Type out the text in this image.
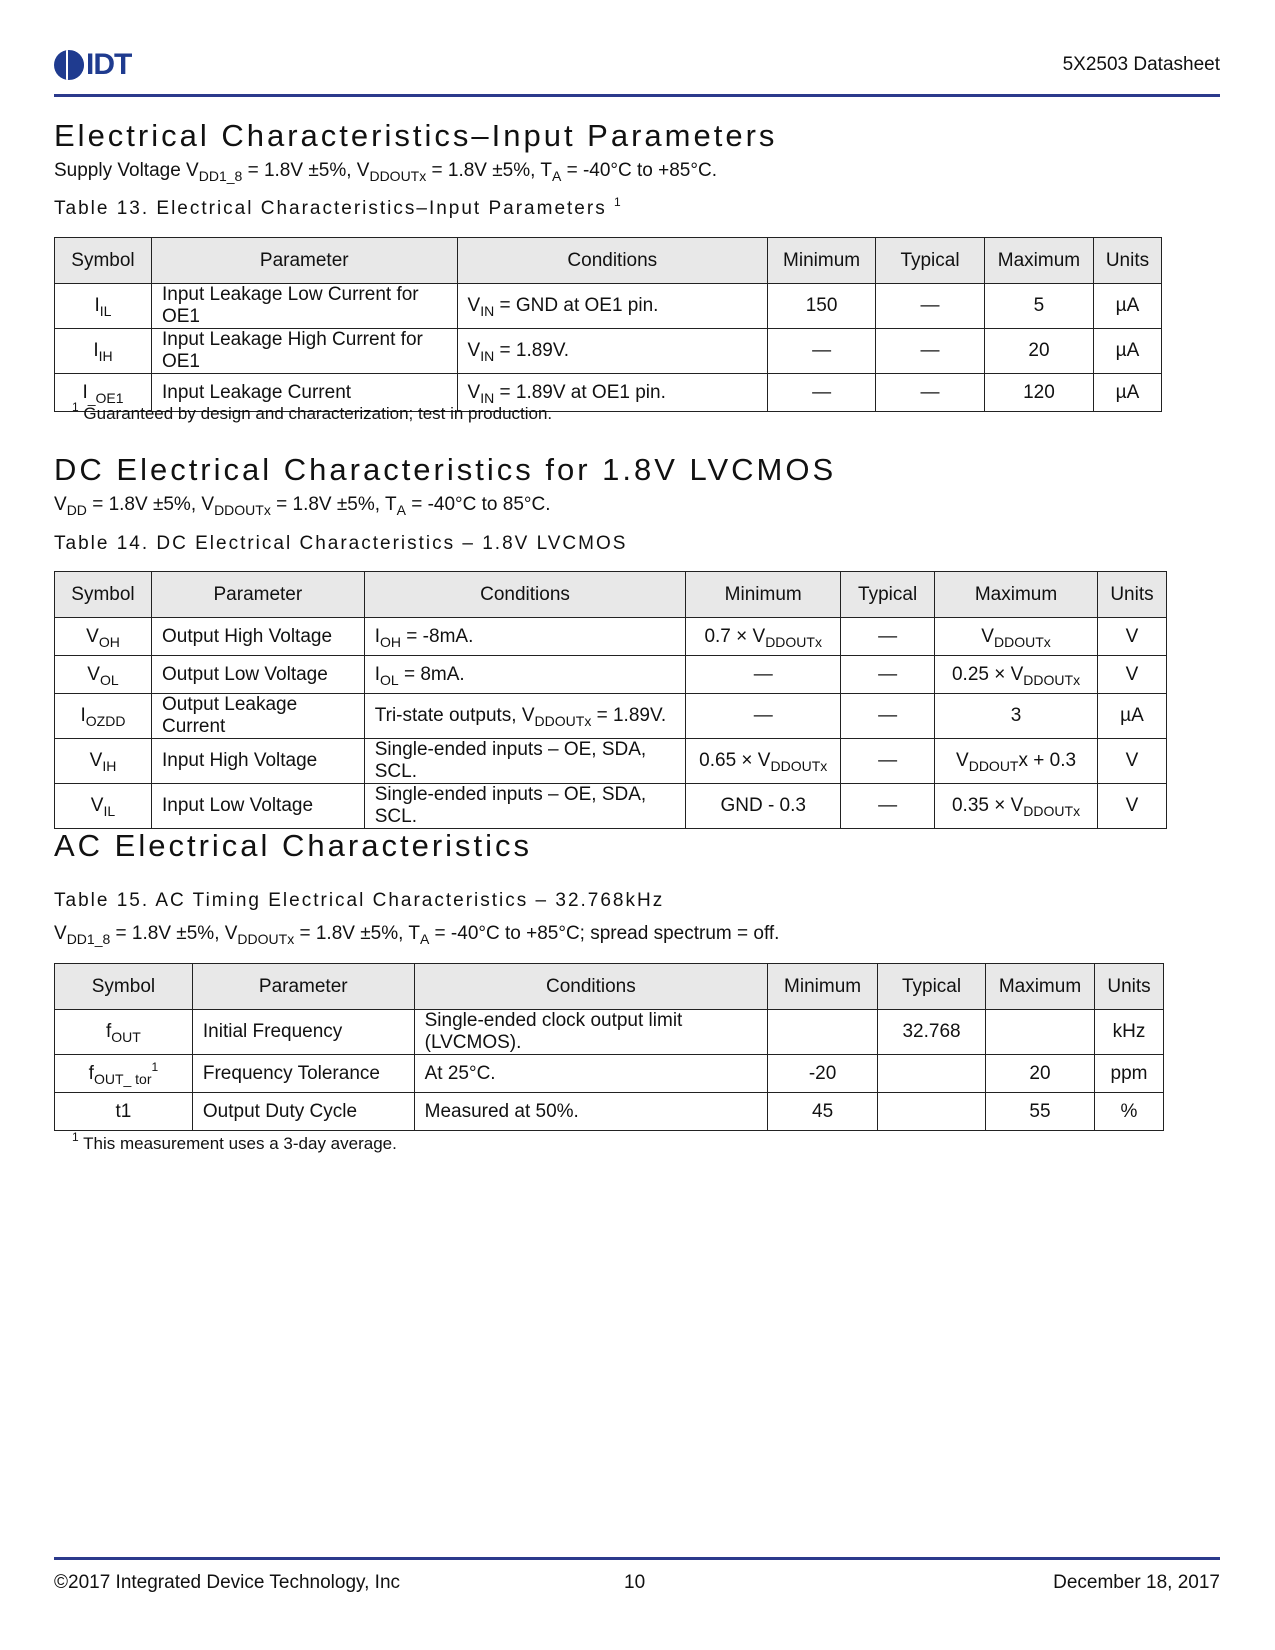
IDT	5X2503 Datasheet
Electrical Characteristics–Input Parameters
Supply Voltage $V_{DD1\_8} = 1.8V \pm 5\%$, $V_{DDOUTx} = 1.8V \pm 5\%$, $T_A = -40^\circ C$ to +85°C.
Table 13. Electrical Characteristics–Input Parameters $^1$
Symbol	Parameter	Conditions	Minimum	Typical	Maximum	Units
$I_{IL}$	Input Leakage Low Current for OE1	$V_{IN}$ = GND at OE1 pin.	150	—	5	µA
$I_{IH}$	Input Leakage High Current for OE1	$V_{IN} = 1.89V$.	—	—	20	µA
$I_{\_OE1}$	Input Leakage Current	$V_{IN} = 1.89V$ at OE1 pin.	—	—	120	µA
$^1$ Guaranteed by design and characterization; test in production.
DC Electrical Characteristics for 1.8V LVCMOS
$V_{DD} = 1.8V \pm 5\%$, $V_{DDOUTx} = 1.8V \pm 5\%$, $T_A = -40^\circ C$ to 85°C.
Table 14. DC Electrical Characteristics – 1.8V LVCMOS
Symbol	Parameter	Conditions	Minimum	Typical	Maximum	Units
$V_{OH}$	Output High Voltage	$I_{OH} = -8mA$.	$0.7 \times V_{DDOUTx}$	—	$V_{DDOUTx}$	V
$V_{OL}$	Output Low Voltage	$I_{OL} = 8mA$.	—	—	$0.25 \times V_{DDOUTx}$	V
$I_{OZDD}$	Output Leakage Current	Tri-state outputs, $V_{DDOUTx} = 1.89V$.	—	—	3	µA
$V_{IH}$	Input High Voltage	Single-ended inputs – OE, SDA, SCL.	$0.65 \times V_{DDOUTx}$	—	$V_{DDOUT}x + 0.3$	V
$V_{IL}$	Input Low Voltage	Single-ended inputs – OE, SDA, SCL.	GND - 0.3	—	$0.35 \times V_{DDOUTx}$	V
AC Electrical Characteristics
Table 15. AC Timing Electrical Characteristics – 32.768kHz
$V_{DD1\_8} = 1.8V \pm 5\%$, $V_{DDOUTx} = 1.8V \pm 5\%$, $T_A = -40^\circ C$ to +85°C; spread spectrum = off.
Symbol	Parameter	Conditions	Minimum	Typical	Maximum	Units
$f_{OUT}$	Initial Frequency	Single-ended clock output limit (LVCMOS).		32.768		kHz
$f_{OUT\_ tor}^1$	Frequency Tolerance	At 25°C.	-20		20	ppm
t1	Output Duty Cycle	Measured at 50%.	45		55	%
$^1$ This measurement uses a 3-day average.
©2017 Integrated Device Technology, Inc	10	December 18, 2017
